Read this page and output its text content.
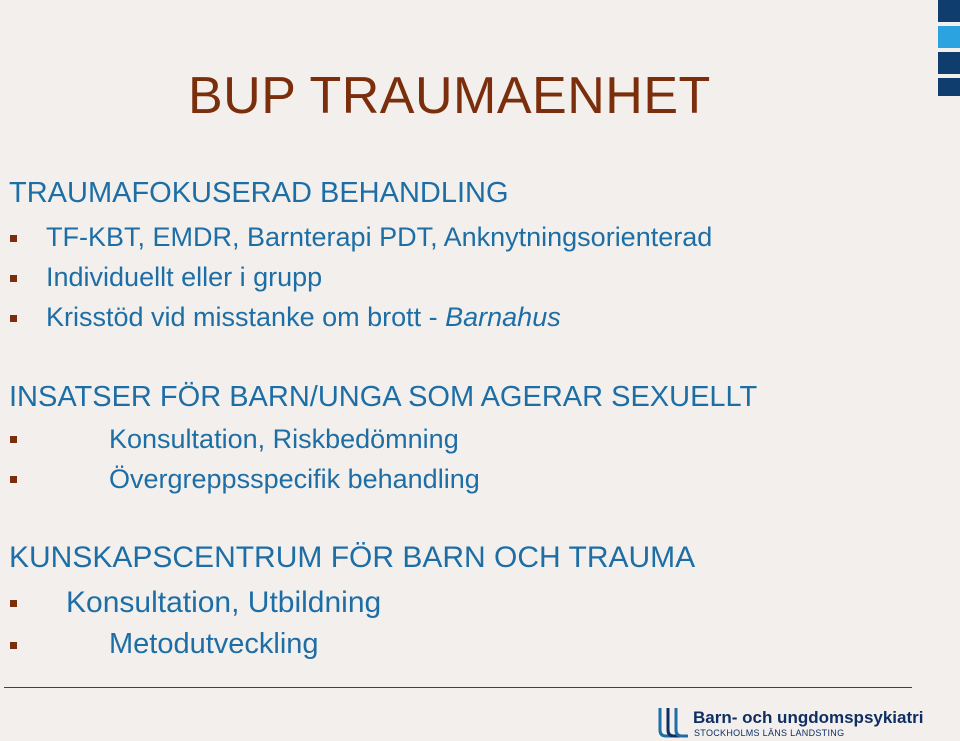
BUP TRAUMAENHET
TRAUMAFOKUSERAD BEHANDLING
TF-KBT, EMDR, Barnterapi PDT, Anknytningsorienterad
Individuellt eller i grupp
Krisstöd vid misstanke om brott - Barnahus
INSATSER FÖR BARN/UNGA SOM AGERAR SEXUELLT
Konsultation, Riskbedömning
Övergreppsspecifik behandling
KUNSKAPSCENTRUM FÖR BARN OCH TRAUMA
Konsultation, Utbildning
Metodutveckling
Barn- och ungdomspsykiatri
STOCKHOLMS LÄNS LANDSTING
